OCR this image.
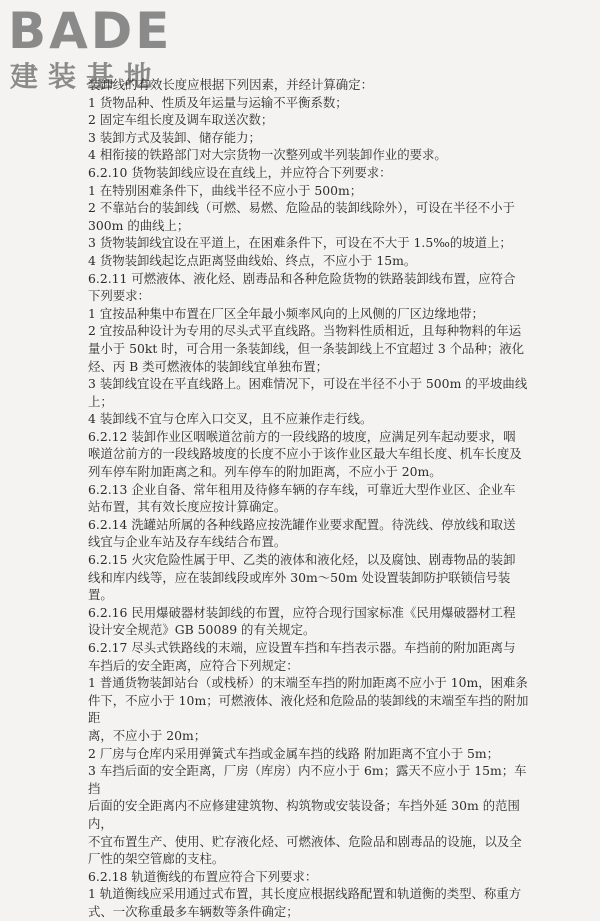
BADE
建装基地

装卸线的有效长度应根据下列因素，并经计算确定：

1 货物品种、性质及年运量与运输不平衡系数；

2 固定车组长度及调车取送次数；

3 装卸方式及装卸、储存能力；

4 相衔接的铁路部门对大宗货物一次整列或半列装卸作业的要求。

6.2.10 货物装卸线应设在直线上，并应符合下列要求：

1 在特别困难条件下，曲线半径不应小于 500m；

2 不靠站台的装卸线（可燃、易燃、危险品的装卸线除外），可设在半径不小于

300m 的曲线上；

3 货物装卸线宜设在平道上，在困难条件下，可设在不大于 1.5‰的坡道上；

4 货物装卸线起讫点距离竖曲线始、终点，不应小于 15m。

6.2.11 可燃液体、液化烃、剧毒品和各种危险货物的铁路装卸线布置，应符合

下列要求：

1 宜按品种集中布置在厂区全年最小频率风向的上风侧的厂区边缘地带；

2 宜按品种设计为专用的尽头式平直线路。当物料性质相近，且每种物料的年运

量小于 50kt 时，可合用一条装卸线，但一条装卸线上不宜超过 3 个品种；液化

烃、丙 B 类可燃液体的装卸线宜单独布置；

3 装卸线宜设在平直线路上。困难情况下，可设在半径不小于 500m 的平坡曲线

上；

4 装卸线不宜与仓库入口交叉，且不应兼作走行线。

6.2.12 装卸作业区咽喉道岔前方的一段线路的坡度，应满足列车起动要求，咽

喉道岔前方的一段线路坡度的长度不应小于该作业区最大车组长度、机车长度及

列车停车附加距离之和。列车停车的附加距离，不应小于 20m。

6.2.13 企业自备、常年租用及待修车辆的存车线，可靠近大型作业区、企业车

站布置，其有效长度应按计算确定。

6.2.14 洗罐站所属的各种线路应按洗罐作业要求配置。待洗线、停放线和取送

线宜与企业车站及存车线结合布置。

6.2.15 火灾危险性属于甲、乙类的液体和液化烃，以及腐蚀、剧毒物品的装卸

线和库内线等，应在装卸线段或库外 30m～50m 处设置装卸防护联锁信号装置。

6.2.16 民用爆破器材装卸线的布置，应符合现行国家标准《民用爆破器材工程

设计安全规范》GB 50089 的有关规定。

6.2.17 尽头式铁路线的末端，应设置车挡和车挡表示器。车挡前的附加距离与

车挡后的安全距离，应符合下列规定：

1 普通货物装卸站台（或栈桥）的末端至车挡的附加距离不应小于 10m，困难条

件下，不应小于 10m；可燃液体、液化烃和危险品的装卸线的末端至车挡的附加距

离，不应小于 20m；

2 厂房与仓库内采用弹簧式车挡或金属车挡的线路 附加距离不宜小于 5m；

3 车挡后面的安全距离，厂房（库房）内不应小于 6m；露天不应小于 15m；车挡

后面的安全距离内不应修建建筑物、构筑物或安装设备；车挡外延 30m 的范围内，

不宜布置生产、使用、贮存液化烃、可燃液体、危险品和剧毒品的设施，以及全

厂性的架空管廊的支柱。

6.2.18 轨道衡线的布置应符合下列要求：

1 轨道衡线应采用通过式布置，其长度应根据线路配置和轨道衡的类型、称重方

式、一次称重最多车辆数等条件确定；
